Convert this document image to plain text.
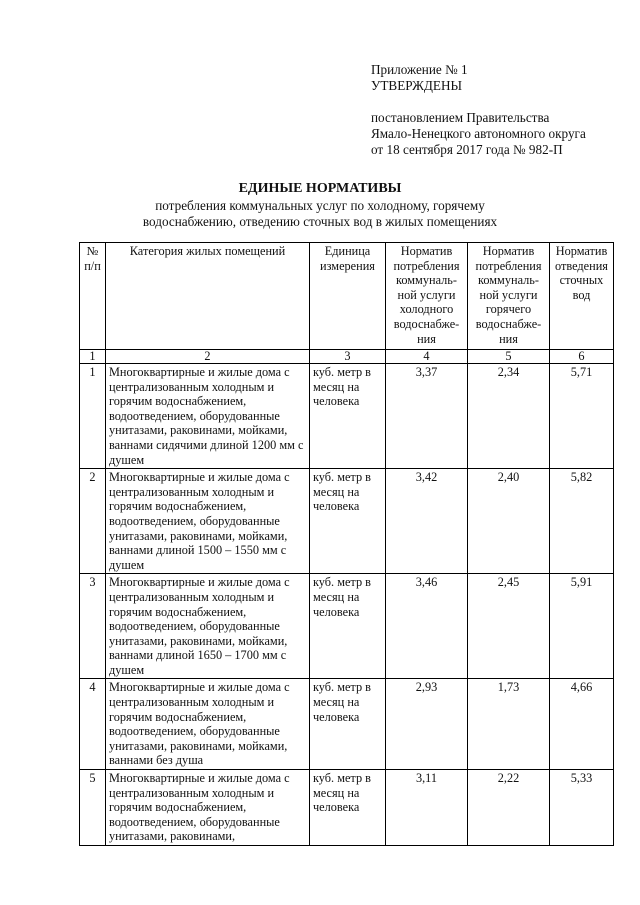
Приложение № 1
УТВЕРЖДЕНЫ
постановлением Правительства
Ямало-Ненецкого автономного округа
от 18 сентября 2017 года № 982-П
ЕДИНЫЕ НОРМАТИВЫ
потребления коммунальных услуг по холодному, горячему
водоснабжению, отведению сточных вод в жилых помещениях
№ п/п	Категория жилых помещений	Единица измерения	Норматив потребления коммуналь-ной услуги холодного водоснабже-ния	Норматив потребления коммуналь-ной услуги горячего водоснабже-ния	Норматив отведения сточных вод
1	2	3	4	5	6
1	Многоквартирные и жилые дома с централизованным холодным и горячим водоснабжением, водоотведением, оборудованные унитазами, раковинами, мойками, ваннами сидячими длиной 1200 мм с душем	куб. метр в месяц на человека	3,37	2,34	5,71
2	Многоквартирные и жилые дома с централизованным холодным и горячим водоснабжением, водоотведением, оборудованные унитазами, раковинами, мойками, ваннами длиной 1500 – 1550 мм с душем	куб. метр в месяц на человека	3,42	2,40	5,82
3	Многоквартирные и жилые дома с централизованным холодным и горячим водоснабжением, водоотведением, оборудованные унитазами, раковинами, мойками, ваннами длиной 1650 – 1700 мм с душем	куб. метр в месяц на человека	3,46	2,45	5,91
4	Многоквартирные и жилые дома с централизованным холодным и горячим водоснабжением, водоотведением, оборудованные унитазами, раковинами, мойками, ваннами без душа	куб. метр в месяц на человека	2,93	1,73	4,66
5	Многоквартирные и жилые дома с централизованным холодным и горячим водоснабжением, водоотведением, оборудованные унитазами, раковинами,	куб. метр в месяц на человека	3,11	2,22	5,33
